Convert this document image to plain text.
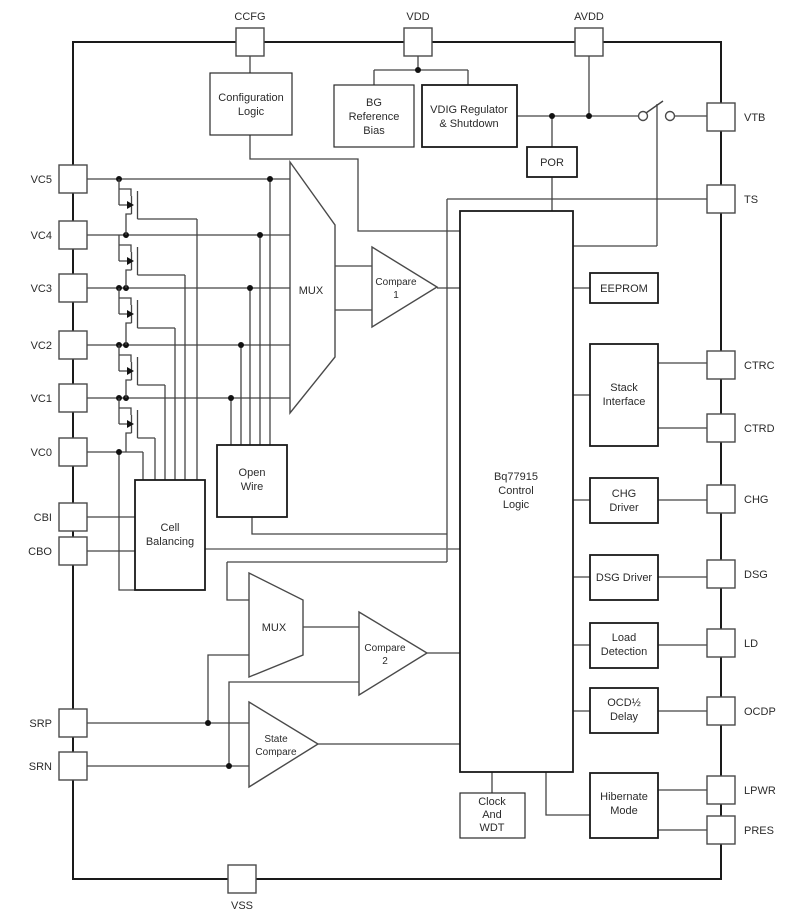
CCFG	VDD	AVDD
VC5
VC4
VC3
VC2
VC1
VC0
CBI
CBO
SRP
SRN
VTB
TS
CTRC
CTRD
CHG
DSG
LD
OCDP
LPWR
PRES
VSS
Configuration
Logic
BG
Reference
Bias
VDIG Regulator
& Shutdown
POR
Bq77915
Control
Logic
EEPROM
Stack
Interface
CHG
Driver
DSG Driver
Load
Detection
OCD½
Delay
Hibernate
Mode
Clock
And
WDT
Open
Wire
Cell
Balancing
MUX
MUX
Compare
1
Compare
2
State
Compare
